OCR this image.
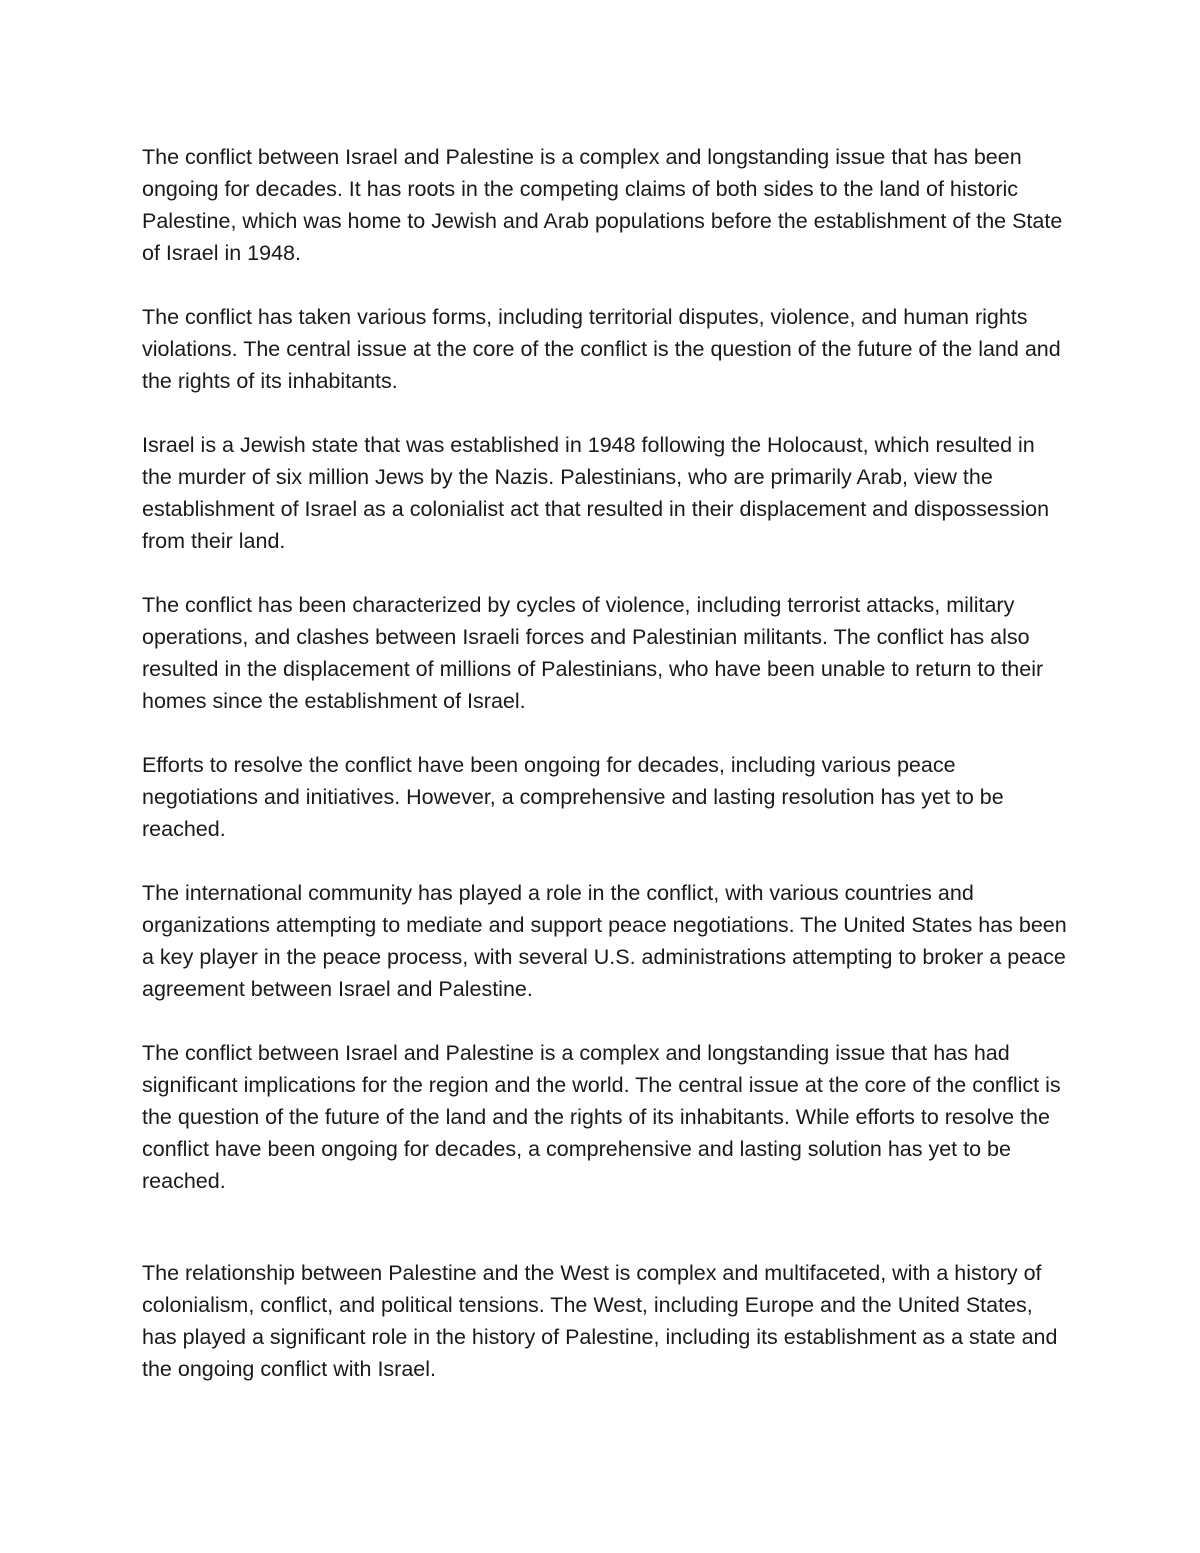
The conflict between Israel and Palestine is a complex and longstanding issue that has been ongoing for decades. It has roots in the competing claims of both sides to the land of historic Palestine, which was home to Jewish and Arab populations before the establishment of the State of Israel in 1948.

The conflict has taken various forms, including territorial disputes, violence, and human rights violations. The central issue at the core of the conflict is the question of the future of the land and the rights of its inhabitants.

Israel is a Jewish state that was established in 1948 following the Holocaust, which resulted in the murder of six million Jews by the Nazis. Palestinians, who are primarily Arab, view the establishment of Israel as a colonialist act that resulted in their displacement and dispossession from their land.

The conflict has been characterized by cycles of violence, including terrorist attacks, military operations, and clashes between Israeli forces and Palestinian militants. The conflict has also resulted in the displacement of millions of Palestinians, who have been unable to return to their homes since the establishment of Israel.

Efforts to resolve the conflict have been ongoing for decades, including various peace negotiations and initiatives. However, a comprehensive and lasting resolution has yet to be reached.

The international community has played a role in the conflict, with various countries and organizations attempting to mediate and support peace negotiations. The United States has been a key player in the peace process, with several U.S. administrations attempting to broker a peace agreement between Israel and Palestine.

The conflict between Israel and Palestine is a complex and longstanding issue that has had significant implications for the region and the world. The central issue at the core of the conflict is the question of the future of the land and the rights of its inhabitants. While efforts to resolve the conflict have been ongoing for decades, a comprehensive and lasting solution has yet to be reached.

The relationship between Palestine and the West is complex and multifaceted, with a history of colonialism, conflict, and political tensions. The West, including Europe and the United States, has played a significant role in the history of Palestine, including its establishment as a state and the ongoing conflict with Israel.
